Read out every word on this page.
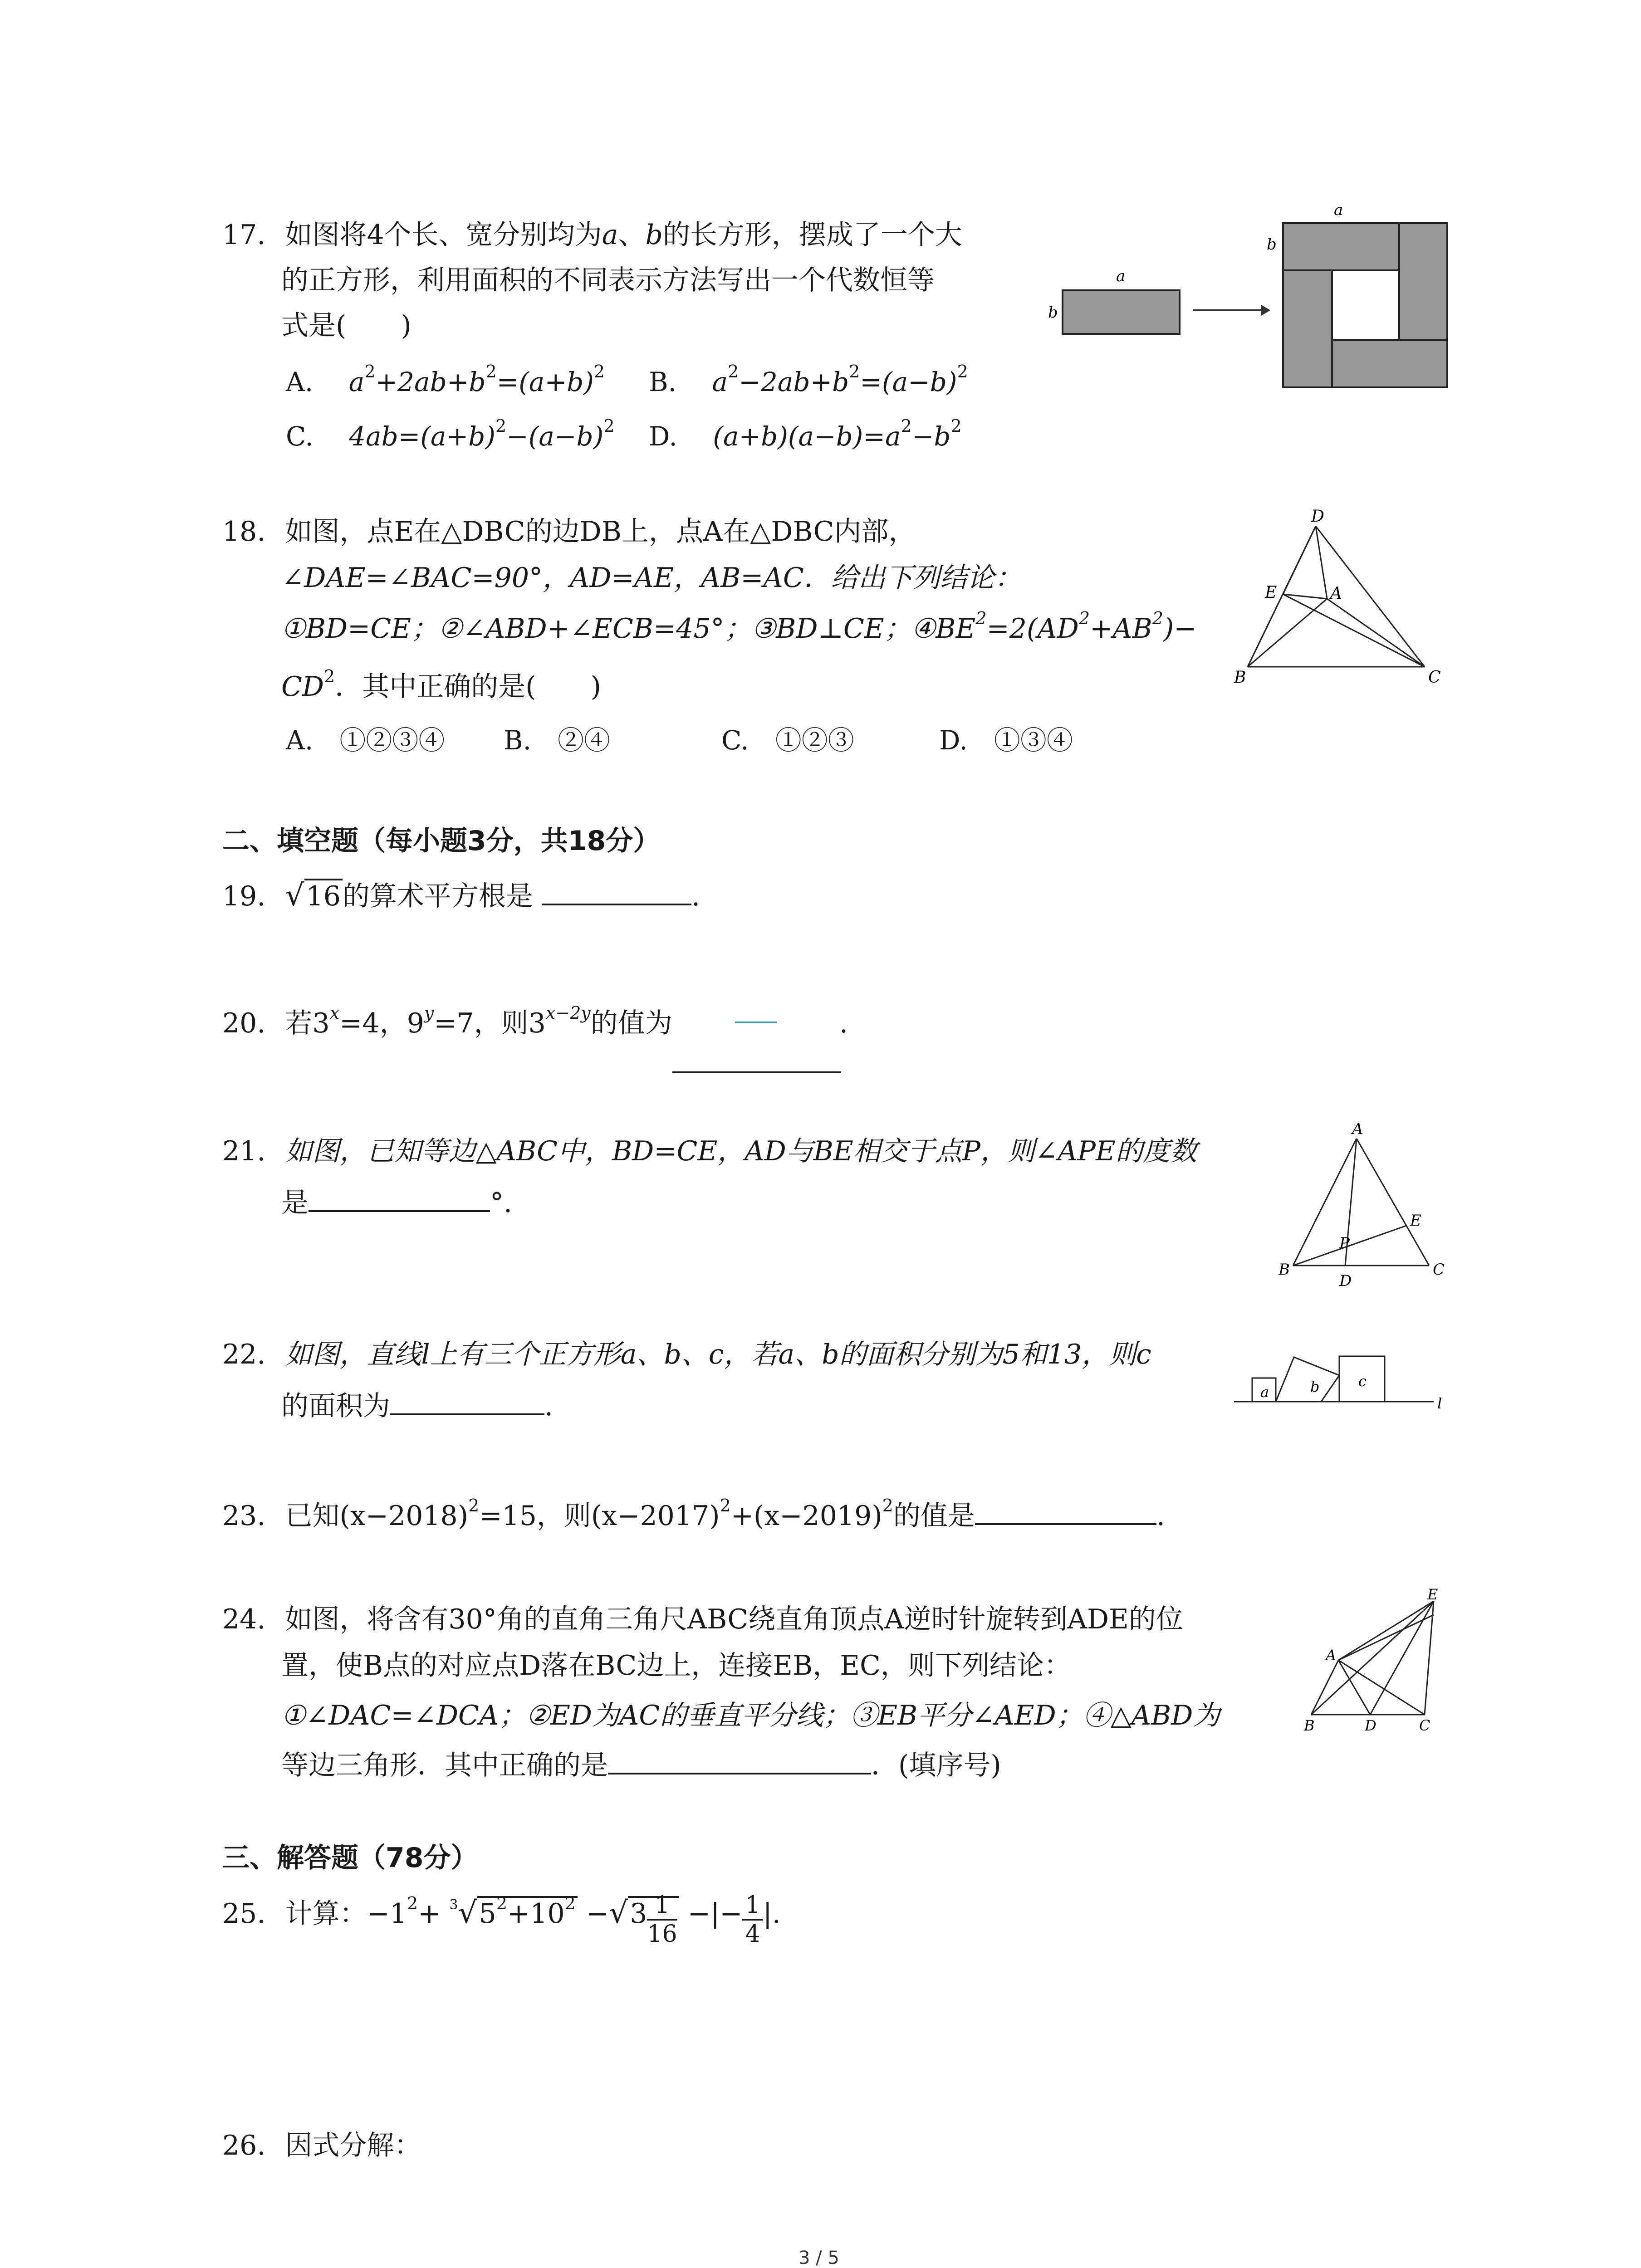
17. 如图将4个长、宽分别均为a、b的长方形，摆成了一个大
的正方形，利用面积的不同表示方法写出一个代数恒等
式是(　　)
A. $a^2+2ab+b^2=(a+b)^2$ B. $a^2-2ab+b^2=(a-b)^2$
C. $4ab=(a+b)^2-(a-b)^2$ D. $(a+b)(a-b)=a^2-b^2$
a
b
a
b
18. 如图，点E在△DBC的边DB上，点A在△DBC内部，
∠DAE=∠BAC=90°，AD=AE，AB=AC．给出下列结论：
①BD=CE；②∠ABD+∠ECB=45°；③BD⊥CE；$④BE^2=2(AD^2+AB^2)-$
$CD^2$．其中正确的是(　　)
A.　①②③④ B.　②④	C.　①②③	D.　①③④
D
E	A
B	C
二、填空题（每小题3分，共18分）
19. √16的算术平方根是	.
20. 若$3^x=4$，$9^y=7$，则$3^{x-2y}$的值为	.
21. 如图，已知等边△ABC中，BD=CE，AD与BE相交于点P，则∠APE的度数
是	°.
A
B	C
D
E
P
22. 如图，直线l上有三个正方形a、b、c，若a、b的面积分别为5和13，则c
的面积为	.	a	b	c
l
23. 已知$(x-2018)^2=15$，则$(x-2017)^2+(x-2019)^2$的值是	.
24. 如图，将含有30°角的直角三角尺ABC绕直角顶点A逆时针旋转到ADE的位
置，使B点的对应点D落在BC边上，连接EB，EC，则下列结论：
①∠DAC=∠DCA；②ED为AC的垂直平分线；③EB平分∠AED；④△ABD为
等边三角形．其中正确的是	．(填序号)
E
A
B	D	C
三、解答题（78分）
25. 计算：$-1^2+ ^3√5^2+10^2 -√3 \frac{1}{16}$ −|− $\frac{1}{4}$ |.
26. 因式分解：
3 / 5
